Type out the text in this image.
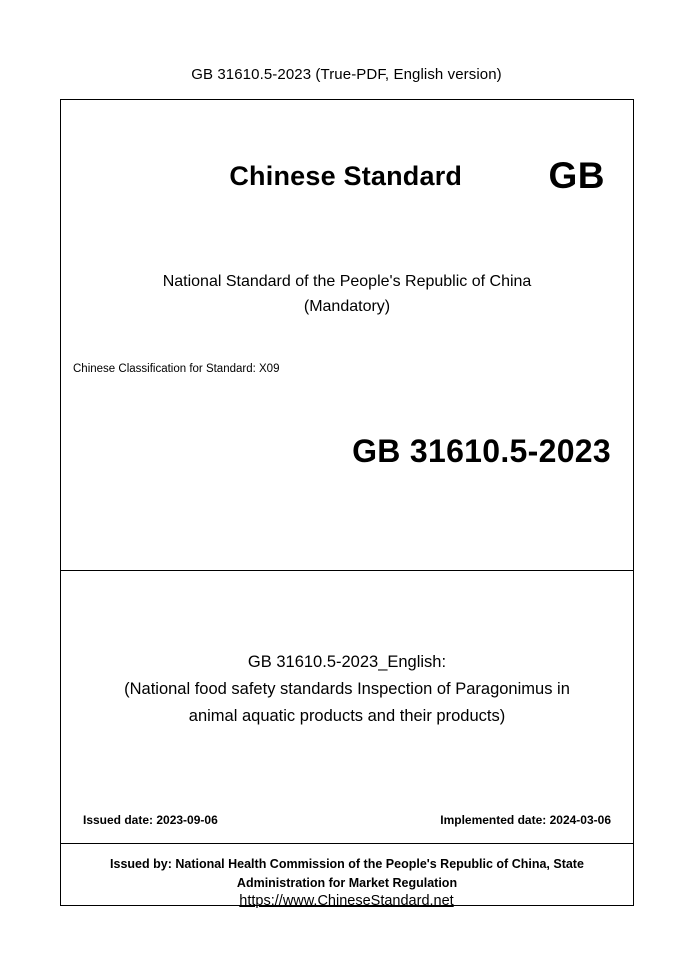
GB 31610.5-2023 (True-PDF, English version)
Chinese Standard	GB
National Standard of the People's Republic of China
(Mandatory)
Chinese Classification for Standard: X09
GB 31610.5-2023
GB 31610.5-2023_English:
(National food safety standards Inspection of Paragonimus in
animal aquatic products and their products)
Issued date: 2023-09-06	Implemented date: 2024-03-06
Issued by: National Health Commission of the People's Republic of China, State
Administration for Market Regulation
https://www.ChineseStandard.net
